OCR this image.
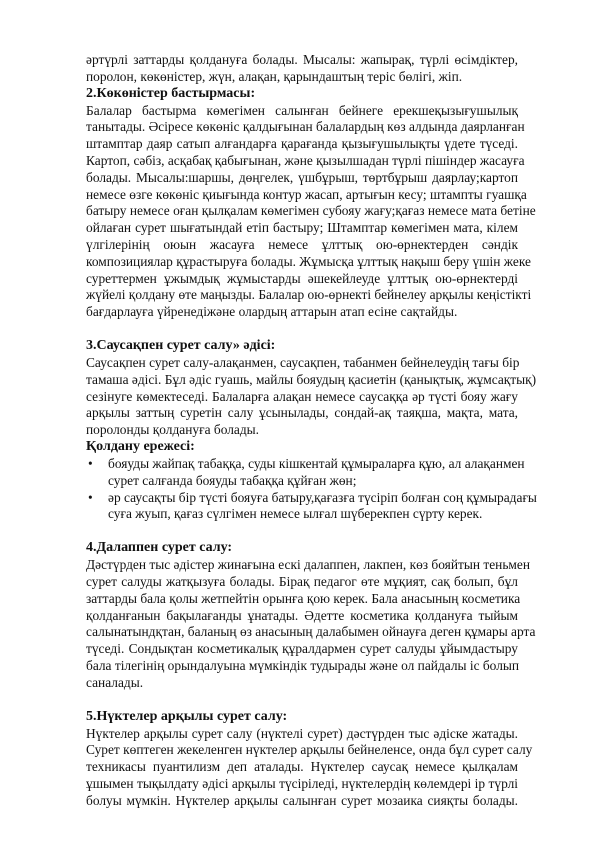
әртүрлі заттарды қолдануға болады. Мысалы: жапырақ, түрлі өсімдіктер,
поролон, көкөністер, жүн, алақан, қарындаштың теріс бөлігі, жіп.
2.Көкөністер бастырмасы:
Балалар бастырма көмегімен салынған бейнеге ерекшеқызығушылық
танытады. Әсіресе көкөніс қалдығынан балалардың көз алдында даярланған
штамптар даяр сатып алғандарға қарағанда қызығушылықты үдете түседі.
Картоп, сәбіз, асқабақ қабығынан, және қызылшадан түрлі пішіндер жасауға
болады. Мысалы:шаршы, дөңгелек, үшбұрыш, төртбұрыш даярлау;картоп
немесе өзге көкөніс қиығында контур жасап, артығын кесу; штампты гуашқа
батыру немесе оған қылқалам көмегімен субояу жағу;қағаз немесе мата бетіне
ойлаған сурет шығатындай етіп бастыру; Штамптар көмегімен мата, кілем
үлгілерінің оюын жасауға немесе ұлттық ою-өрнектерден сәндік
композициялар құрастыруға болады. Жұмысқа ұлттық нақыш беру үшін жеке
суреттермен ұжымдық жұмыстарды әшекейлеуде ұлттық ою-өрнектерді
жүйелі қолдану өте маңызды. Балалар ою-өрнекті бейнелеу арқылы кеңістікті
бағдарлауға үйренедіжәне олардың аттарын атап есіне сақтайды.
3.Саусақпен сурет салу» әдісі:
Саусақпен сурет салу-алақанмен, саусақпен, табанмен бейнелеудің тағы бір
тамаша әдісі. Бұл әдіс гуашь, майлы бояудың қасиетін (қанықтық, жұмсақтық)
сезінуге көмектеседі. Балаларға алақан немесе саусаққа әр түсті бояу жағу
арқылы заттың суретін салу ұсынылады, сондай-ақ таяқша, мақта, мата,
поролонды қолдануға болады.
Қолдану ережесі:
• бояуды жайпақ табаққа, суды кішкентай құмыраларға құю, ал алақанмен
сурет салғанда бояуды табаққа құйған жөн;
• әр саусақты бір түсті бояуға батыру,қағазға түсіріп болған соң құмырадағы
суға жуып, қағаз сүлгімен немесе ылғал шүберекпен сүрту керек.
4.Далаппен сурет салу:
Дәстүрден тыс әдістер жинағына ескі далаппен, лакпен, көз бояйтын теньмен
сурет салуды жатқызуға болады. Бірақ педагог өте мұқият, сақ болып, бұл
заттарды бала қолы жетпейтін орынға қою керек. Бала анасының косметика
қолданғанын бақылағанды ұнатады. Әдетте косметика қолдануға тыйым
салынатындқтан, баланың өз анасының далабымен ойнауға деген құмары арта
түседі. Сондықтан косметикалық құралдармен сурет салуды ұйымдастыру
бала тілегінің орындалуына мүмкіндік тудырады және ол пайдалы іс болып
саналады.
5.Нүктелер арқылы сурет салу:
Нүктелер арқылы сурет салу (нүктелі сурет) дәстүрден тыс әдіске жатады.
Сурет көптеген жекеленген нүктелер арқылы бейнеленсе, онда бұл сурет салу
техникасы пуантилизм деп аталады. Нүктелер саусақ немесе қылқалам
ұшымен тықылдату әдісі арқылы түсіріледі, нүктелердің көлемдері ір түрлі
болуы мүмкін. Нүктелер арқылы салынған сурет мозаика сияқты болады.
